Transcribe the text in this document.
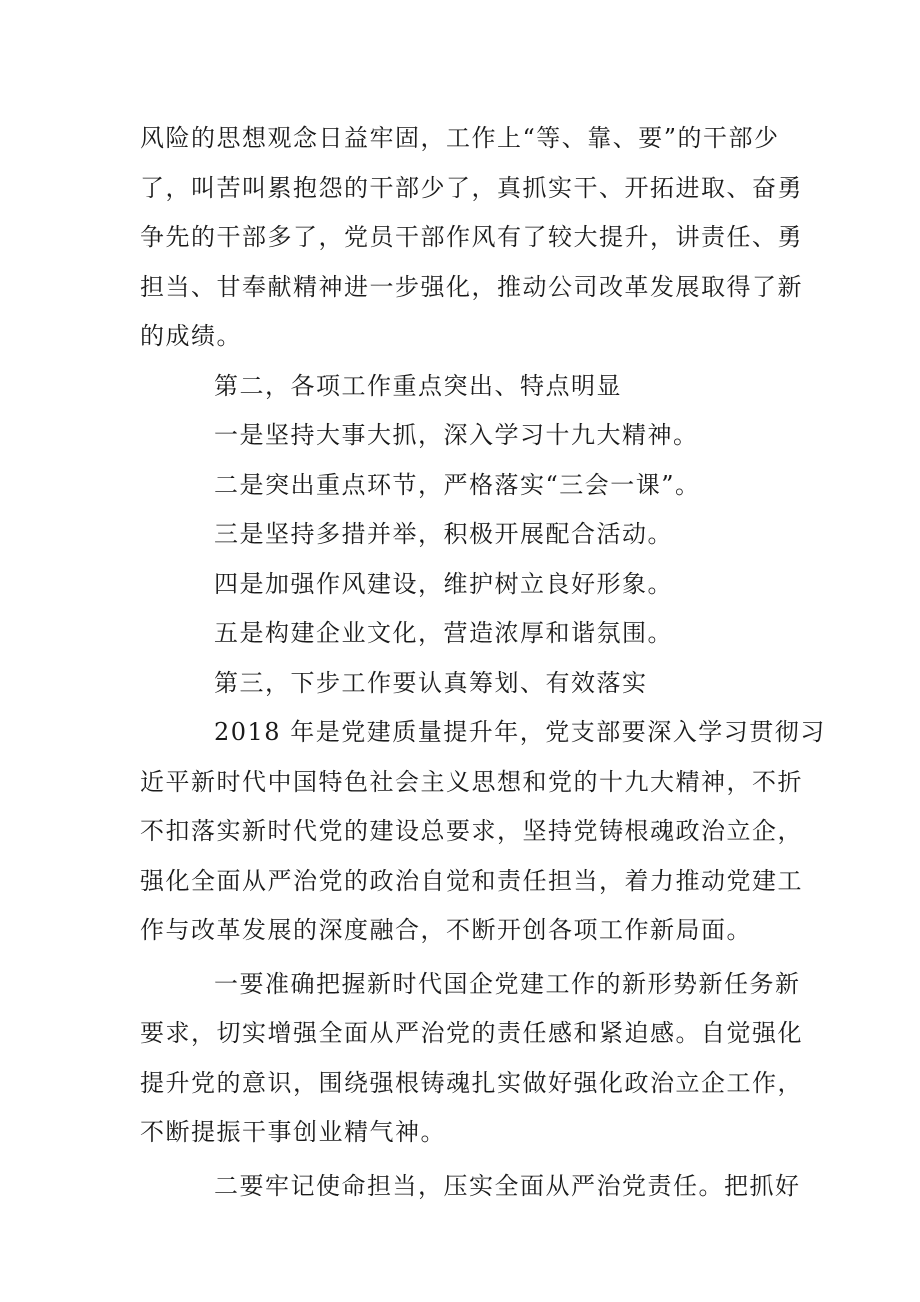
风险的思想观念日益牢固，工作上“等、靠、要”的干部少
了，叫苦叫累抱怨的干部少了，真抓实干、开拓进取、奋勇
争先的干部多了，党员干部作风有了较大提升，讲责任、勇
担当、甘奉献精神进一步强化，推动公司改革发展取得了新
的成绩。
第二，各项工作重点突出、特点明显
一是坚持大事大抓，深入学习十九大精神。
二是突出重点环节，严格落实“三会一课”。
三是坚持多措并举，积极开展配合活动。
四是加强作风建设，维护树立良好形象。
五是构建企业文化，营造浓厚和谐氛围。
第三，下步工作要认真筹划、有效落实
2018 年是党建质量提升年，党支部要深入学习贯彻习
近平新时代中国特色社会主义思想和党的十九大精神，不折
不扣落实新时代党的建设总要求，坚持党铸根魂政治立企，
强化全面从严治党的政治自觉和责任担当，着力推动党建工
作与改革发展的深度融合，不断开创各项工作新局面。
一要准确把握新时代国企党建工作的新形势新任务新
要求，切实增强全面从严治党的责任感和紧迫感。自觉强化
提升党的意识，围绕强根铸魂扎实做好强化政治立企工作，
不断提振干事创业精气神。
二要牢记使命担当，压实全面从严治党责任。把抓好
